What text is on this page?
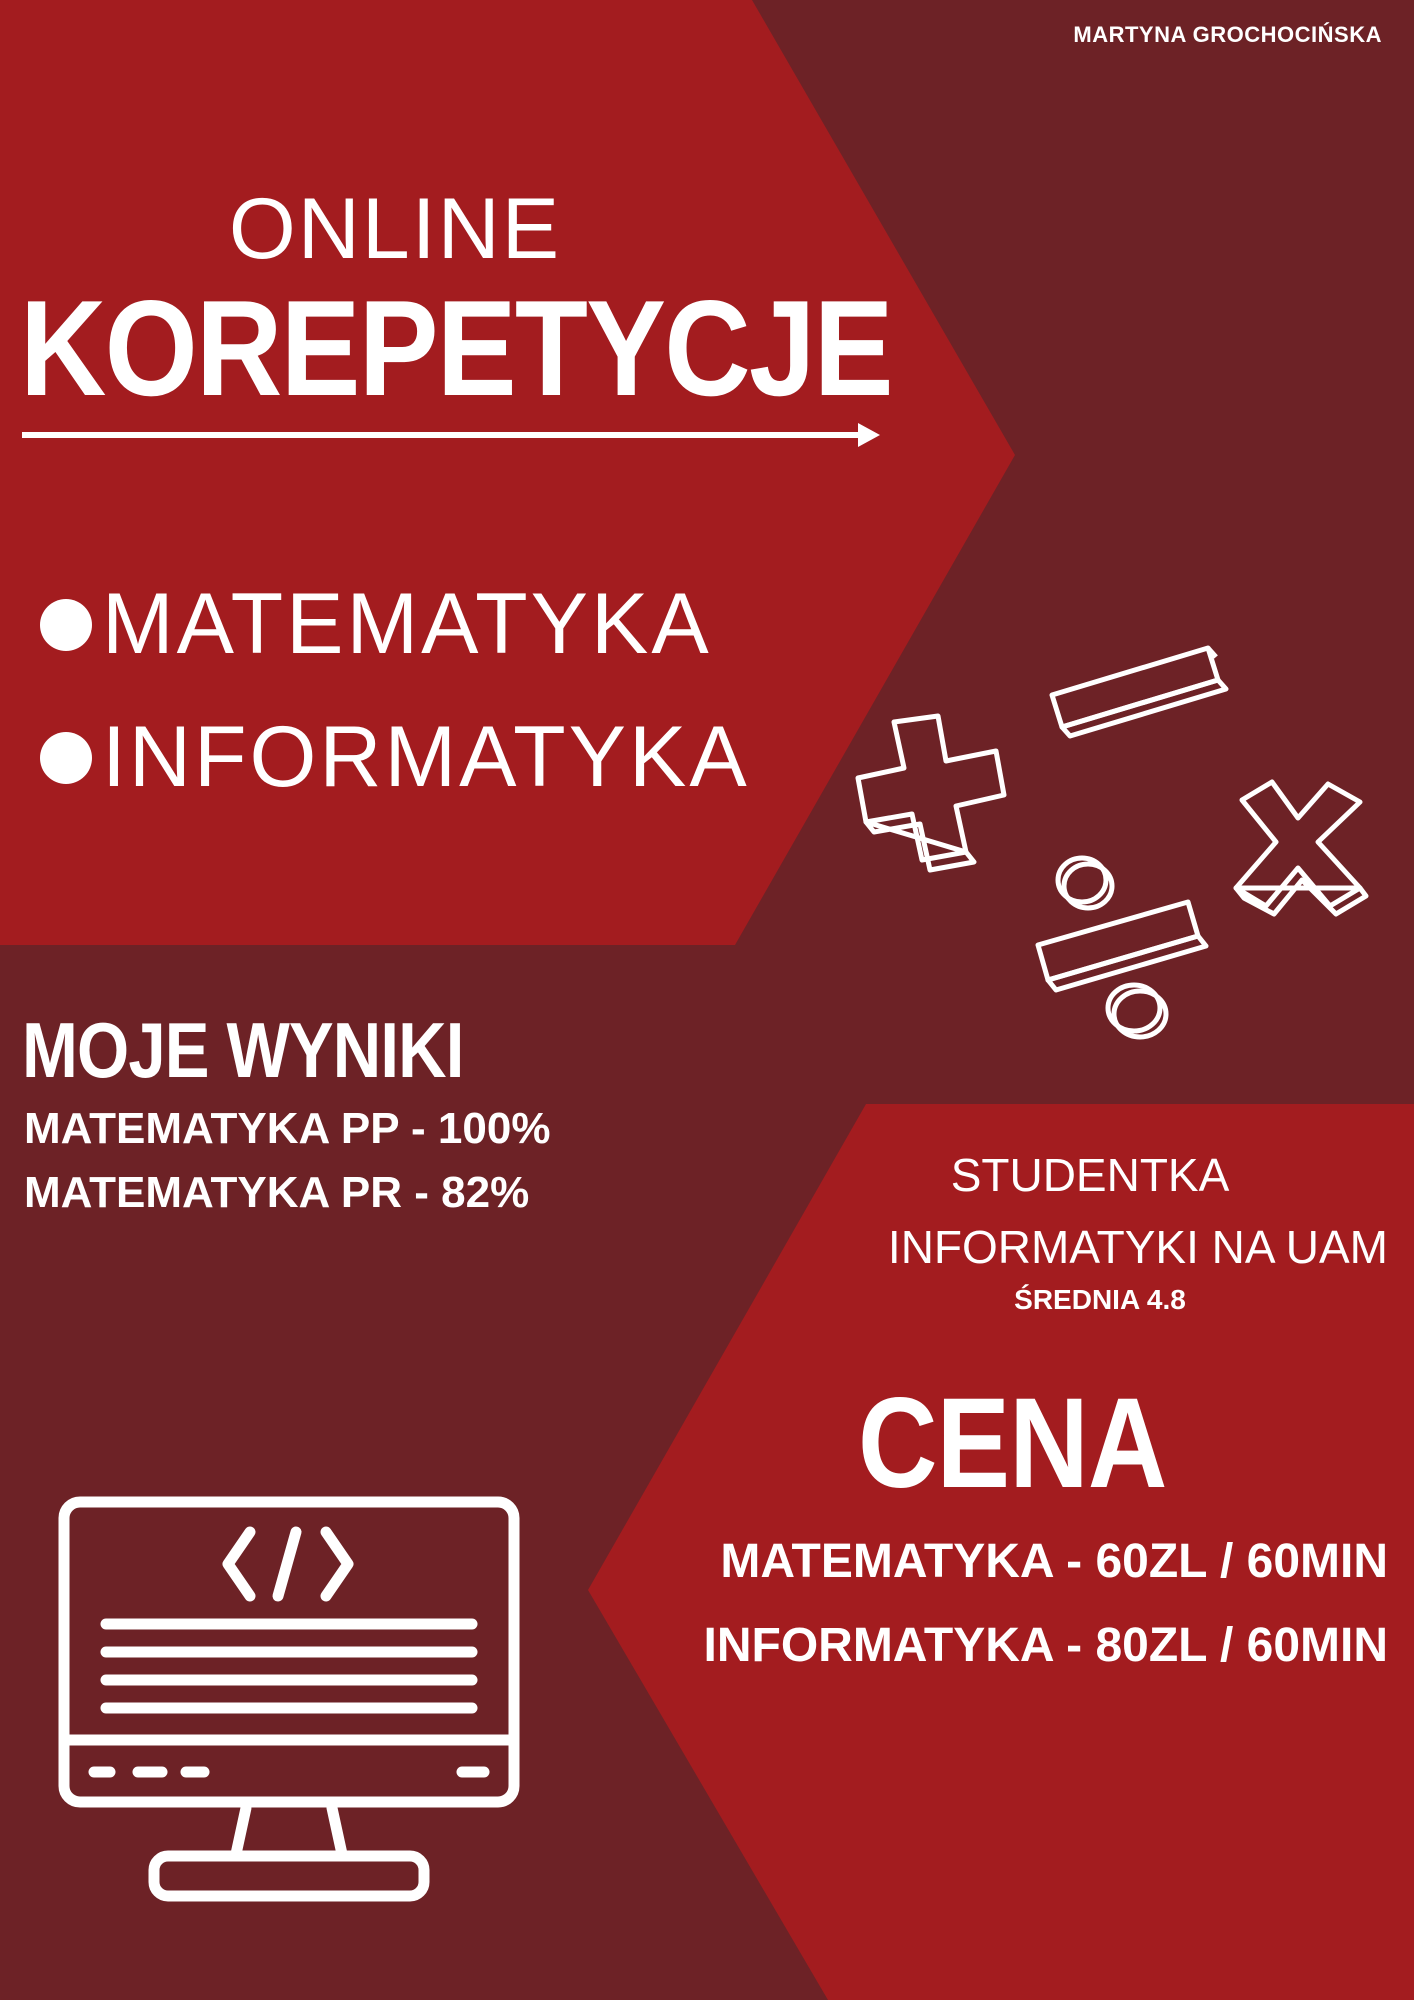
MARTYNA GROCHOCIŃSKA

ONLINE
KOREPETYCJE
MATEMATYKA
INFORMATYKA
MOJE WYNIKI

MATEMATYKA PP - 100%

MATEMATYKA PR - 82%	STUDENTKA

INFORMATYKI NA UAM

ŚREDNIA 4.8

CENA

MATEMATYKA - 60ZL / 60MIN

INFORMATYKA - 80ZL / 60MIN
